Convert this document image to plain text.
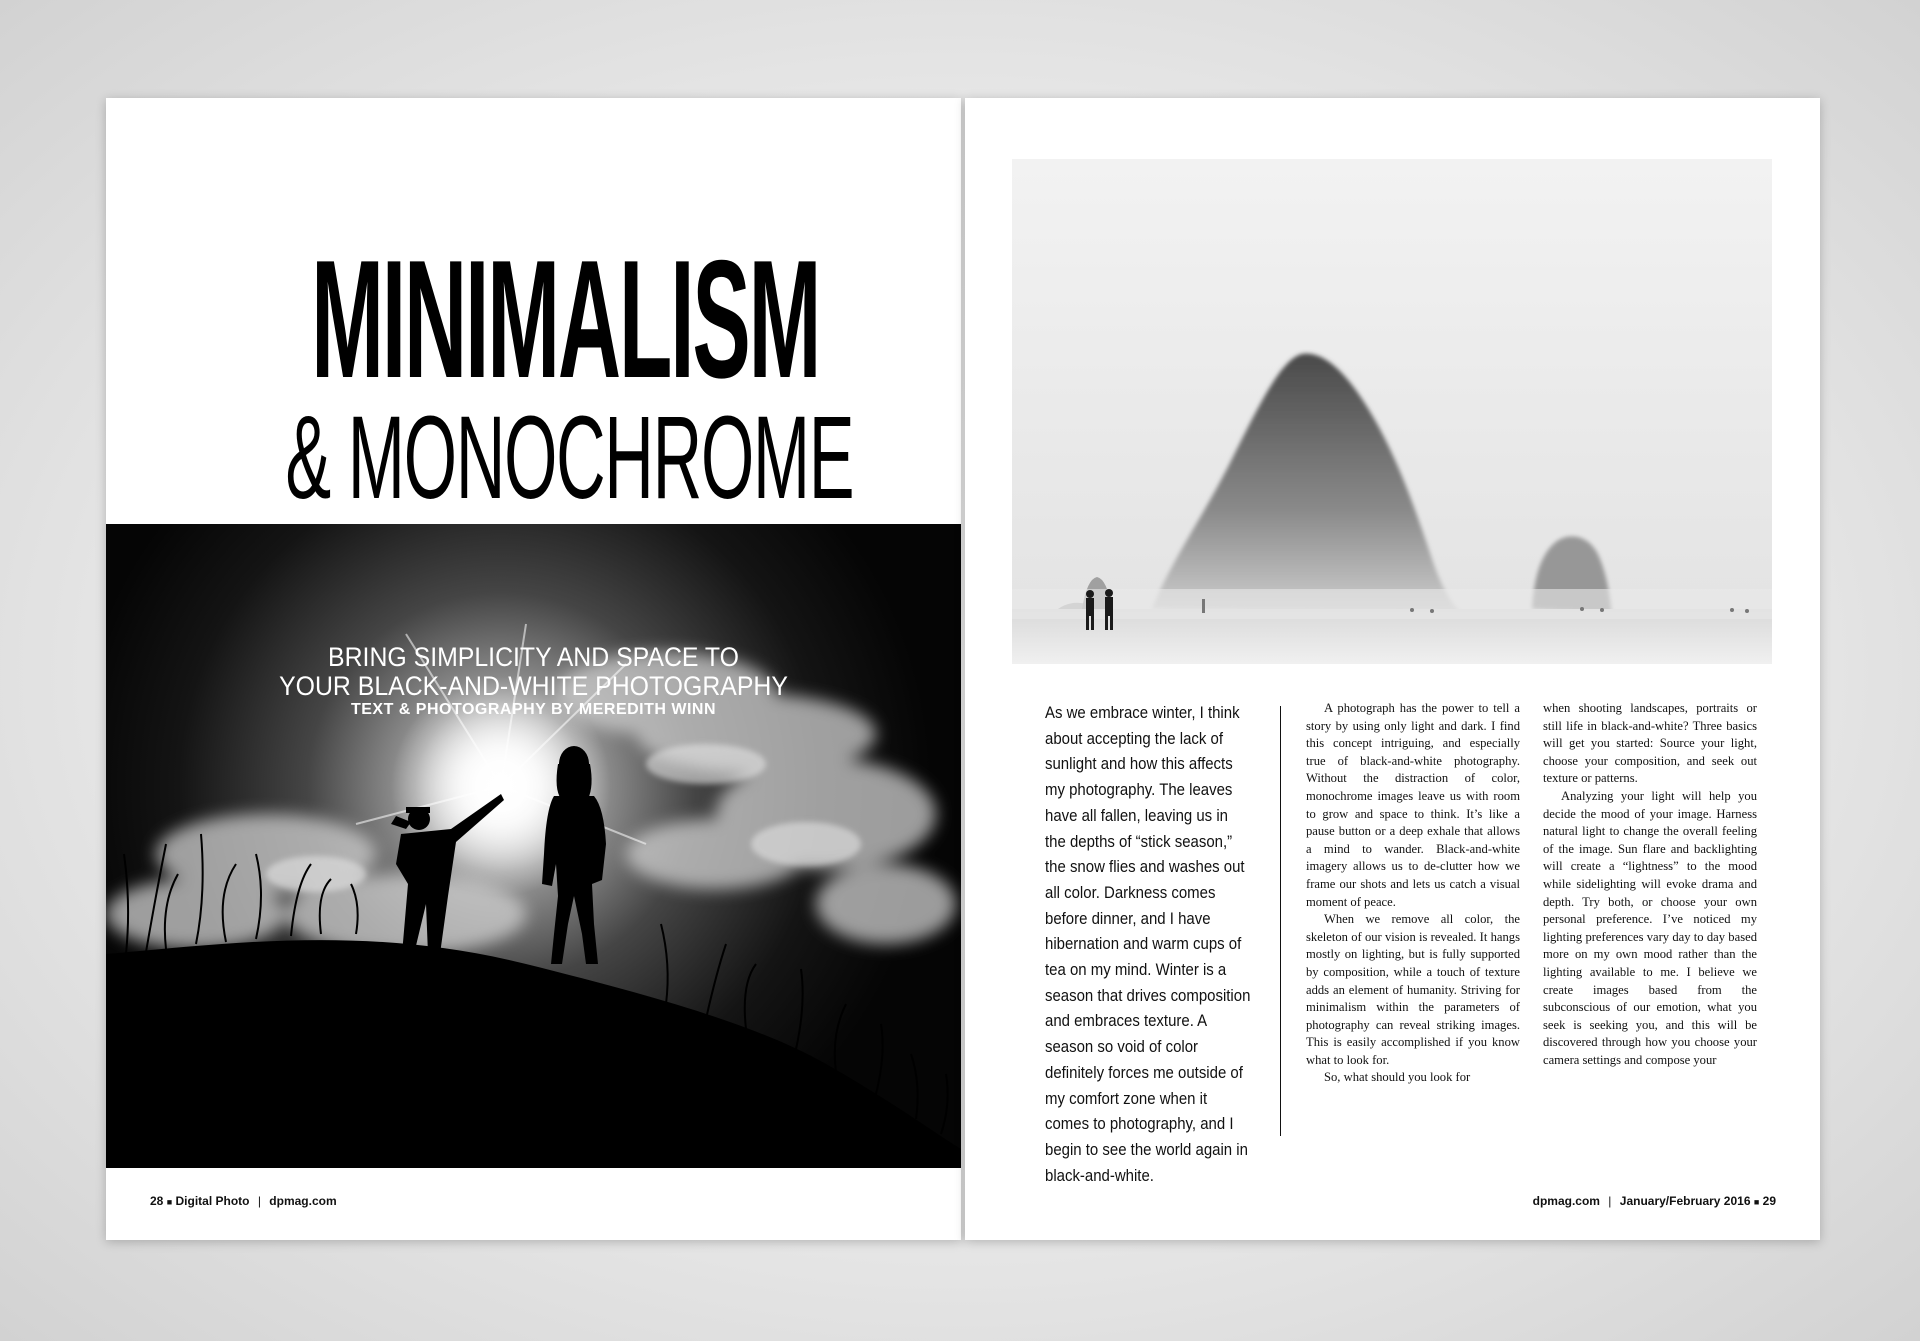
MINIMALISM
& MONOCHROME
BRING SIMPLICITY AND SPACE TO
YOUR BLACK-AND-WHITE PHOTOGRAPHY
TEXT & PHOTOGRAPHY BY MEREDITH WINN
28 ■ Digital Photo | dpmag.com

As we embrace winter, I think about accepting the lack of sunlight and how this affects my photography. The leaves have all fallen, leaving us in the depths of “stick season,” the snow flies and washes out all color. Darkness comes before dinner, and I have hibernation and warm cups of tea on my mind. Winter is a season that drives composition and embraces texture. A season so void of color definitely forces me outside of my comfort zone when it comes to photography, and I begin to see the world again in black-and-white.

A photograph has the power to tell a story by using only light and dark. I find this concept intriguing, and especially true of black-and-white photography. Without the distraction of color, monochrome images leave us with room to grow and space to think. It’s like a pause button or a deep exhale that allows a mind to wander. Black-and-white imagery allows us to de-clutter how we frame our shots and lets us catch a visual moment of peace.

When we remove all color, the skeleton of our vision is revealed. It hangs mostly on lighting, but is fully supported by composition, while a touch of texture adds an element of humanity. Striving for minimalism within the parameters of photography can reveal striking images. This is easily accomplished if you know what to look for.

So, what should you look for

when shooting landscapes, portraits or still life in black-and-white? Three basics will get you started: Source your light, choose your composition, and seek out texture or patterns.

Analyzing your light will help you decide the mood of your image. Harness natural light to change the overall feeling of the image. Sun flare and backlighting will create a “lightness” to the mood while sidelighting will evoke drama and depth. Try both, or choose your own personal preference. I’ve noticed my lighting preferences vary day to day based more on my own mood rather than the lighting available to me. I believe we create images based from the subconscious of our emotion, what you seek is seeking you, and this will be discovered through how you choose your camera settings and compose your

dpmag.com | January/February 2016 ■ 29
